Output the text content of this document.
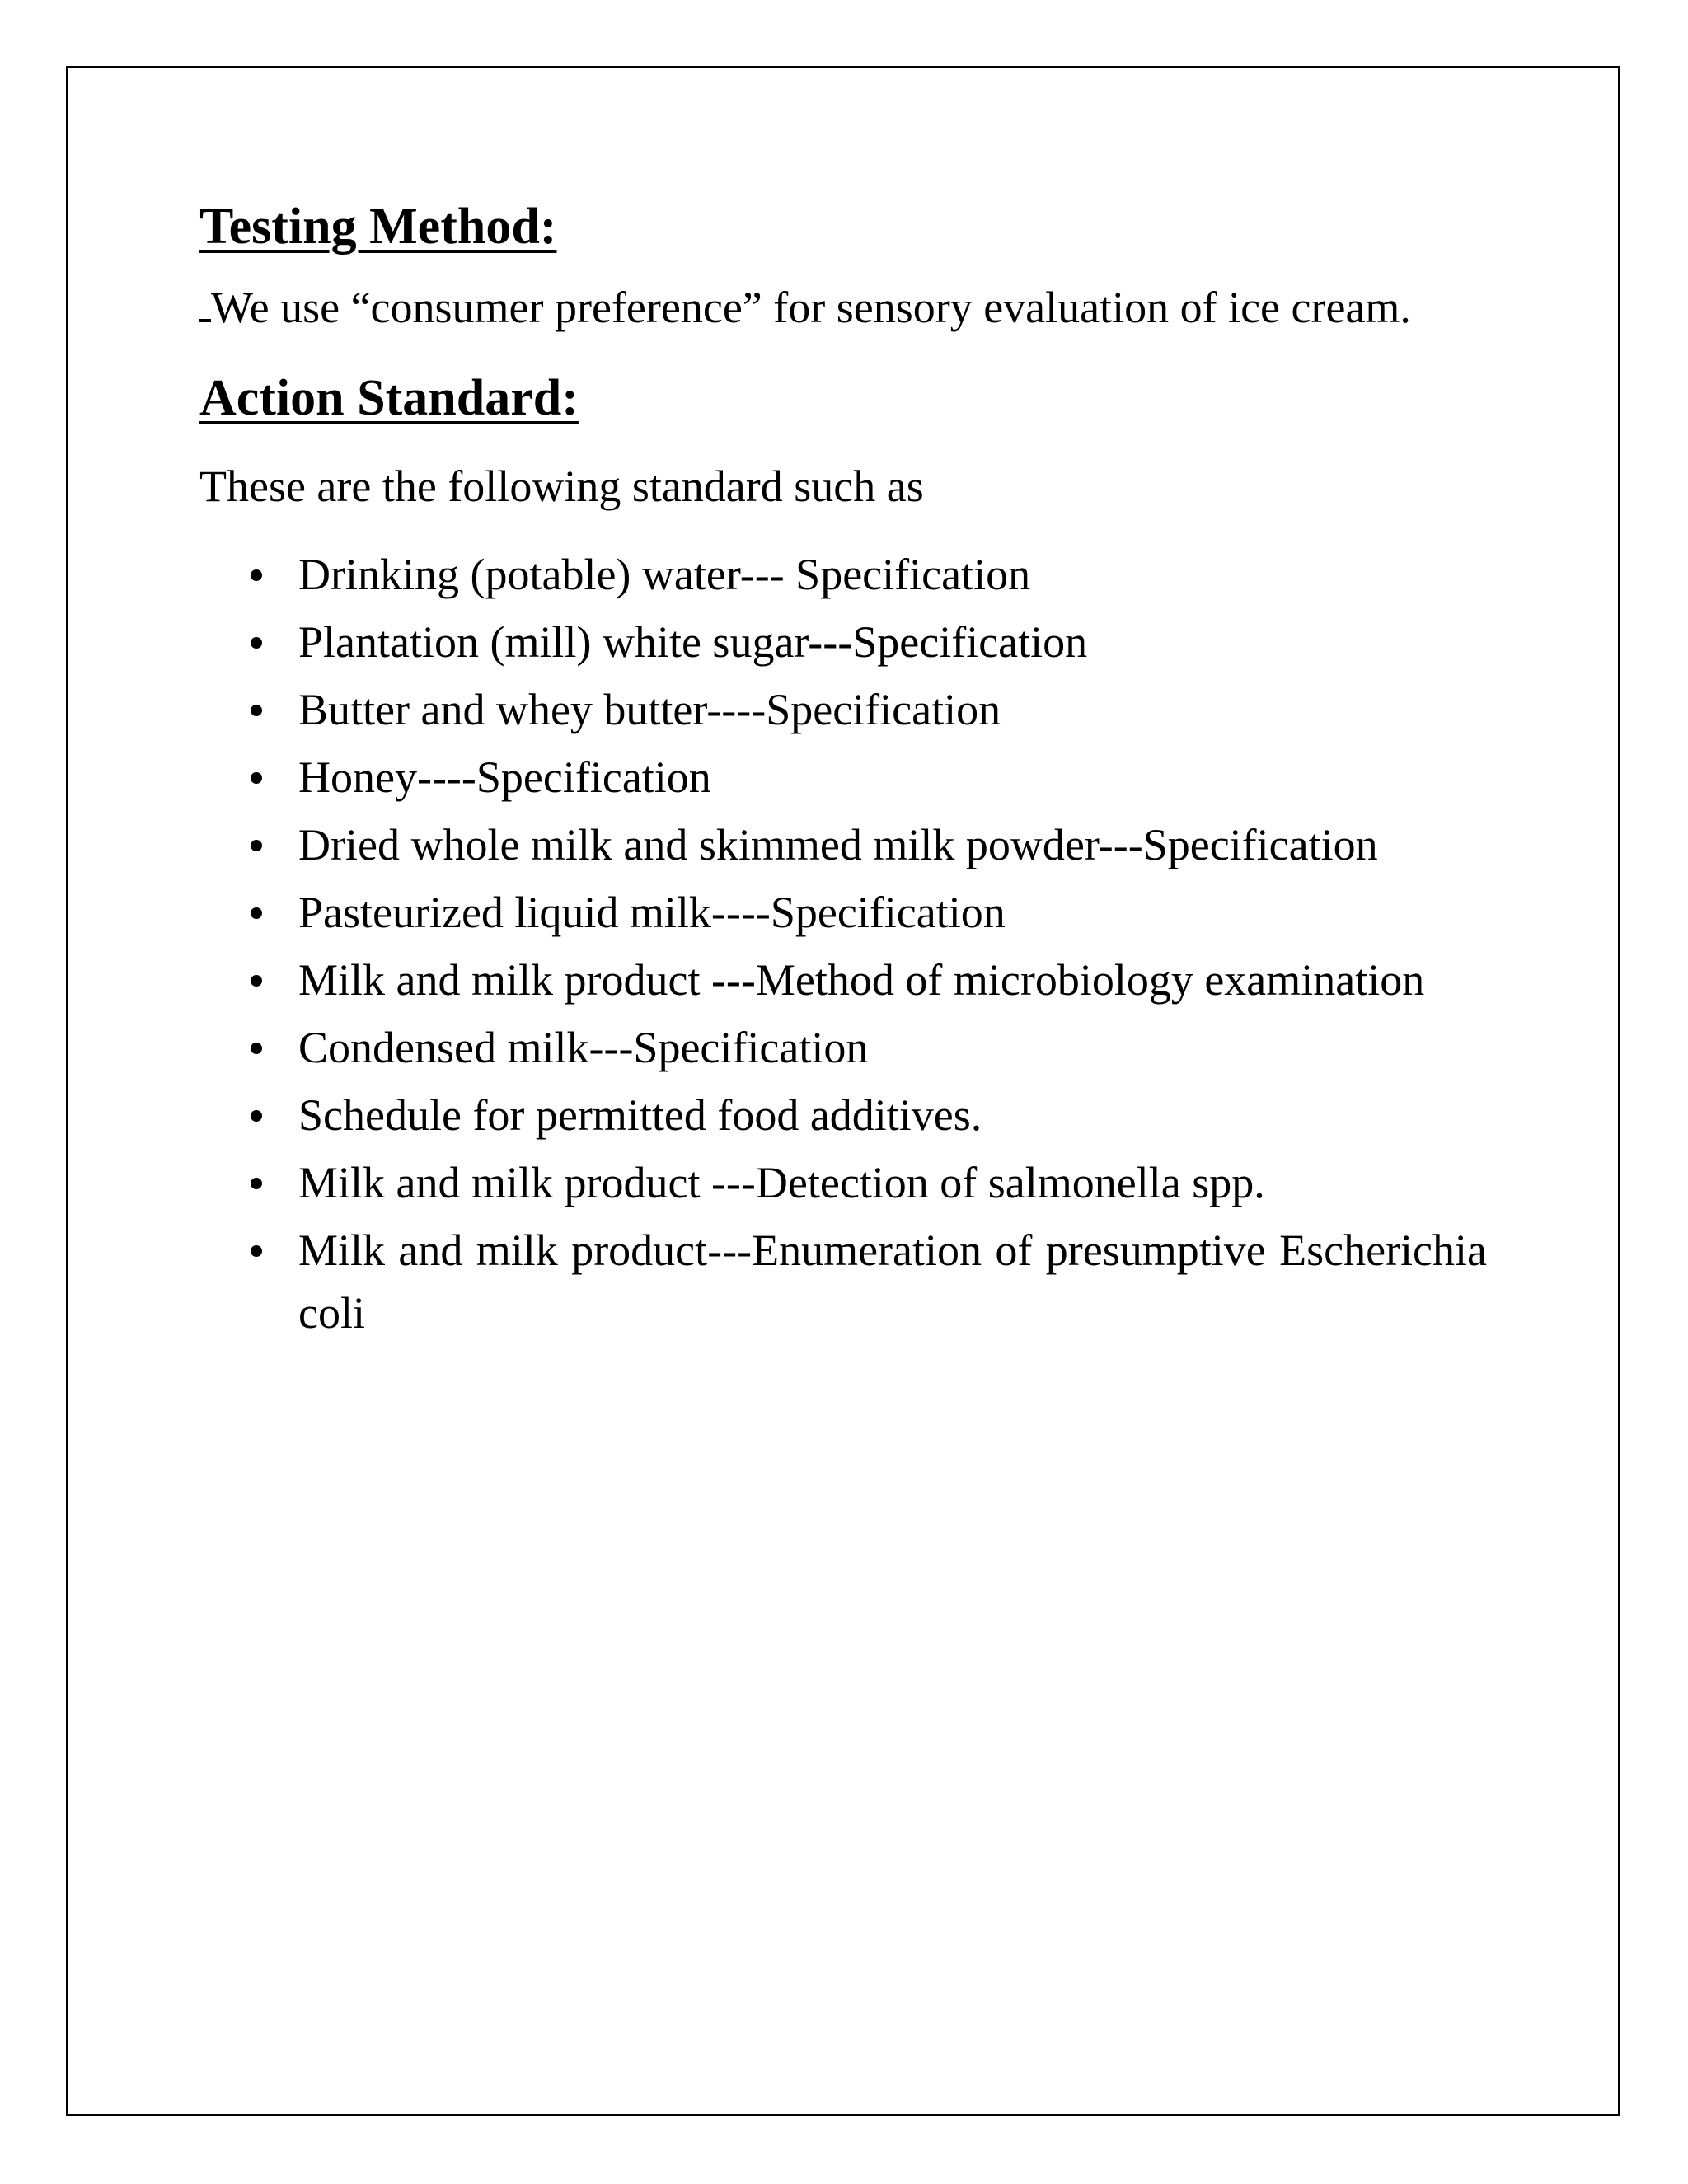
Testing Method:

We use “consumer preference” for sensory evaluation of ice cream.

Action Standard:

These are the following standard such as

Drinking (potable) water--- Specification
Plantation (mill) white sugar---Specification
Butter and whey butter----Specification
Honey----Specification
Dried whole milk and skimmed milk powder---Specification
Pasteurized liquid milk----Specification
Milk and milk product ---Method of microbiology examination
Condensed milk---Specification
Schedule for permitted food additives.
Milk and milk product ---Detection of salmonella spp.
Milk and milk product---Enumeration of presumptive Escherichia coli
